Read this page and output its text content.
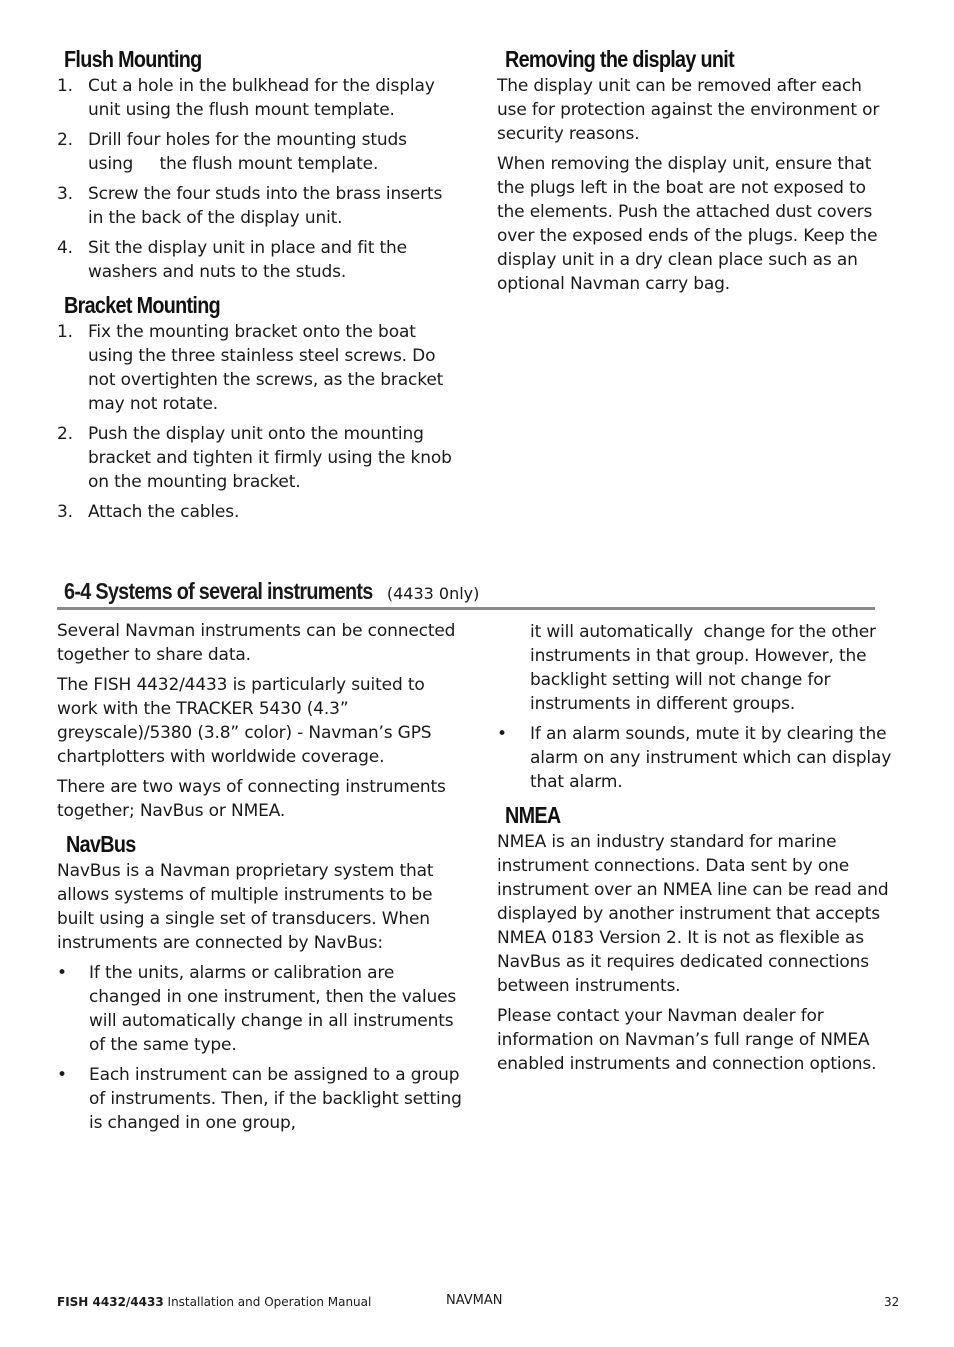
Flush Mounting
1. Cut a hole in the bulkhead for the display unit using the flush mount template.
2. Drill four holes for the mounting studs using     the flush mount template.
3. Screw the four studs into the brass inserts in the back of the display unit.
4. Sit the display unit in place and fit the washers and nuts to the studs.
Bracket Mounting
1. Fix the mounting bracket onto the boat using the three stainless steel screws. Do not overtighten the screws, as the bracket may not rotate.
2. Push the display unit onto the mounting bracket and tighten it firmly using the knob on the mounting bracket.
3. Attach the cables.
Removing the display unit

The display unit can be removed after each use for protection against the environment or security reasons.

When removing the display unit, ensure that the plugs left in the boat are not exposed to the elements. Push the attached dust covers over the exposed ends of the plugs. Keep the display unit in a dry clean place such as an optional Navman carry bag.

6-4 Systems of several instruments (4433 0nly)

Several Navman instruments can be connected together to share data.

The FISH 4432/4433 is particularly suited to work with the TRACKER 5430 (4.3” greyscale)/5380 (3.8” color) - Navman’s GPS chartplotters with worldwide coverage.

There are two ways of connecting instruments together; NavBus or NMEA.

NavBus

NavBus is a Navman proprietary system that allows systems of multiple instruments to be built using a single set of transducers. When instruments are connected by NavBus:

• If the units, alarms or calibration are changed in one instrument, then the values will automatically change in all instruments of the same type.
• Each instrument can be assigned to a group of instruments. Then, if the backlight setting is changed in one group,

it will automatically  change for the other instruments in that group. However, the backlight setting will not change for instruments in different groups.

• If an alarm sounds, mute it by clearing the alarm on any instrument which can display that alarm.
NMEA

NMEA is an industry standard for marine instrument connections. Data sent by one instrument over an NMEA line can be read and displayed by another instrument that accepts NMEA 0183 Version 2. It is not as flexible as NavBus as it requires dedicated connections between instruments.

Please contact your Navman dealer for information on Navman’s full range of NMEA enabled instruments and connection options.

FISH 4432/4433 Installation and Operation Manual	NAVMAN	32
